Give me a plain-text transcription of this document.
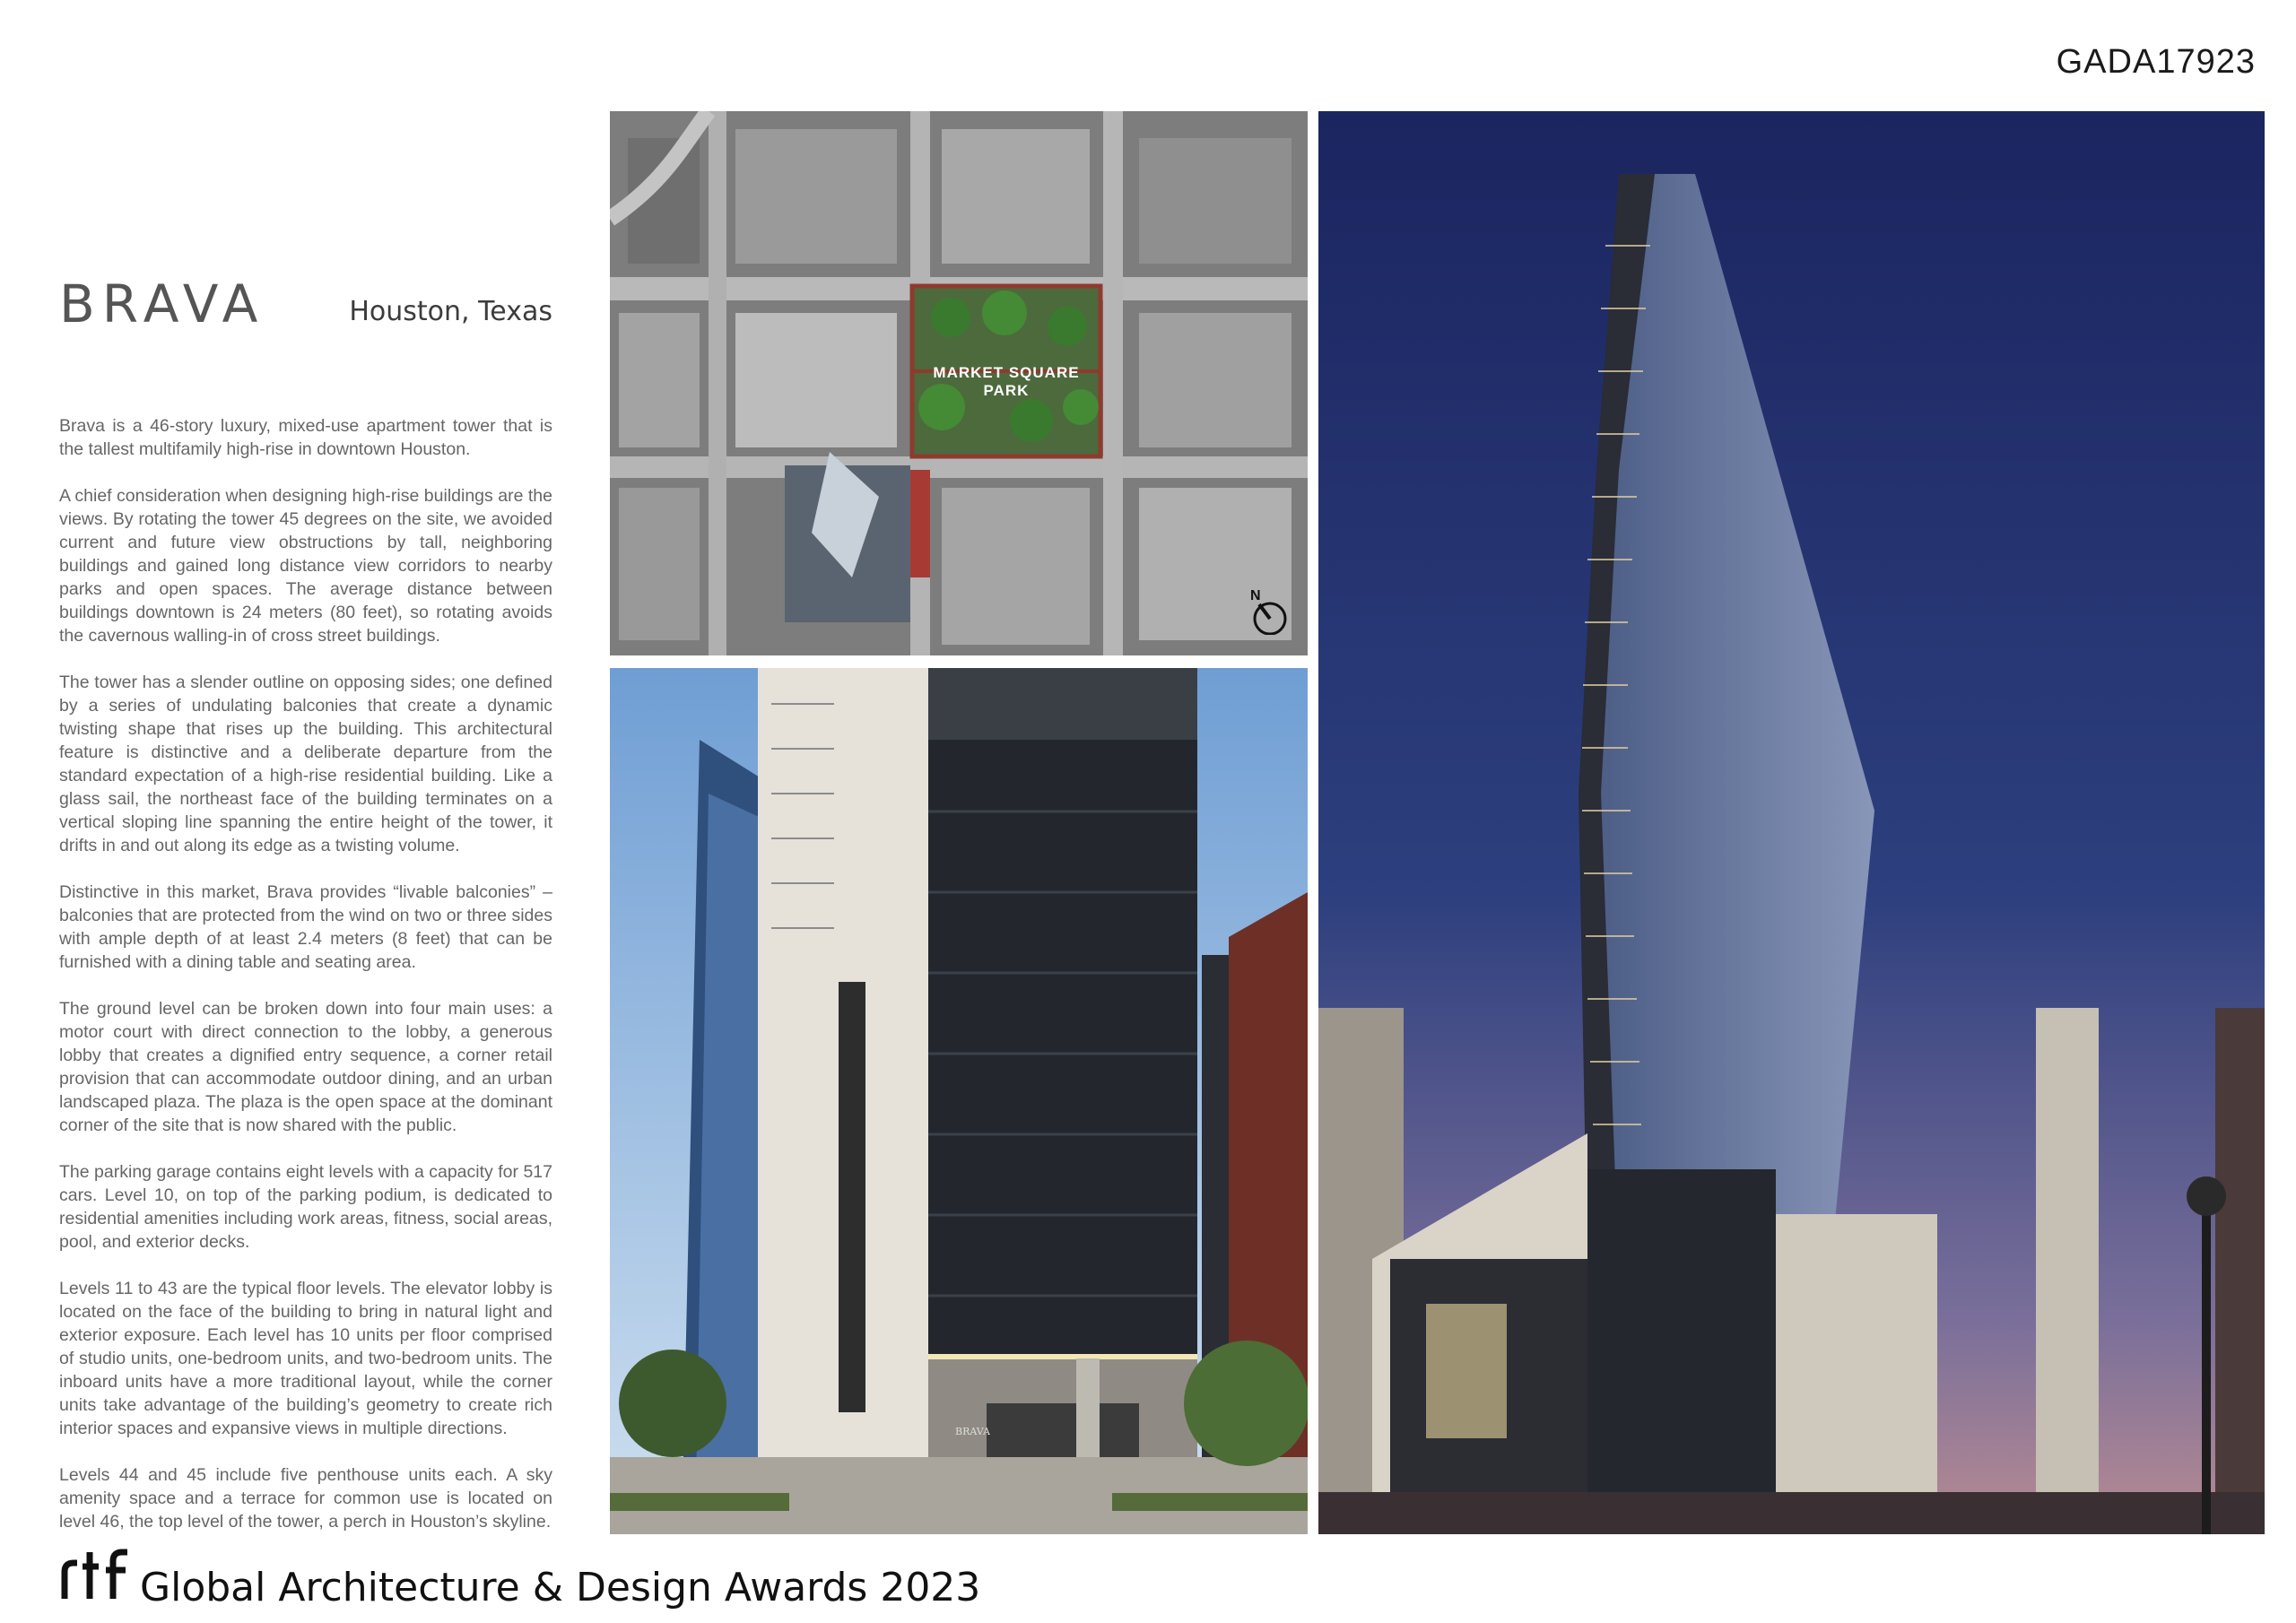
GADA17923
BRAVA	Houston, Texas

Brava is a 46-story luxury, mixed-use apartment tower that is the tallest multifamily high-rise in downtown Houston.

A chief consideration when designing high-rise buildings are the views. By rotating the tower 45 degrees on the site, we avoided current and future view obstructions by tall, neighboring buildings and gained long distance view corridors to nearby parks and open spaces. The average distance between buildings downtown is 24 meters (80 feet), so rotating avoids the cavernous walling-in of cross street buildings.

The tower has a slender outline on opposing sides; one defined by a series of undulating balconies that create a dynamic twisting shape that rises up the building. This architectural feature is distinctive and a deliberate departure from the standard expectation of a high-rise residential building. Like a glass sail, the northeast face of the building terminates on a vertical sloping line spanning the entire height of the tower, it drifts in and out along its edge as a twisting volume.

Distinctive in this market, Brava provides “livable balconies” – balconies that are protected from the wind on two or three sides with ample depth of at least 2.4 meters (8 feet) that can be furnished with a dining table and seating area.

The ground level can be broken down into four main uses: a motor court with direct connection to the lobby, a generous lobby that creates a dignified entry sequence, a corner retail provision that can accommodate outdoor dining, and an urban landscaped plaza. The plaza is the open space at the dominant corner of the site that is now shared with the public.

The parking garage contains eight levels with a capacity for 517 cars. Level 10, on top of the parking podium, is dedicated to residential amenities including work areas, fitness, social areas, pool, and exterior decks.

Levels 11 to 43 are the typical floor levels. The elevator lobby is located on the face of the building to bring in natural light and exterior exposure. Each level has 10 units per floor comprised of studio units, one-bedroom units, and two-bedroom units. The inboard units have a more traditional layout, while the corner units take advantage of the building’s geometry to create rich interior spaces and expansive views in multiple directions.

Levels 44 and 45 include five penthouse units each. A sky amenity space and a terrace for common use is located on level 46, the top level of the tower, a perch in Houston’s skyline.

MARKET SQUARE
PARK
N
BRAVA
Global Architecture & Design Awards 2023
